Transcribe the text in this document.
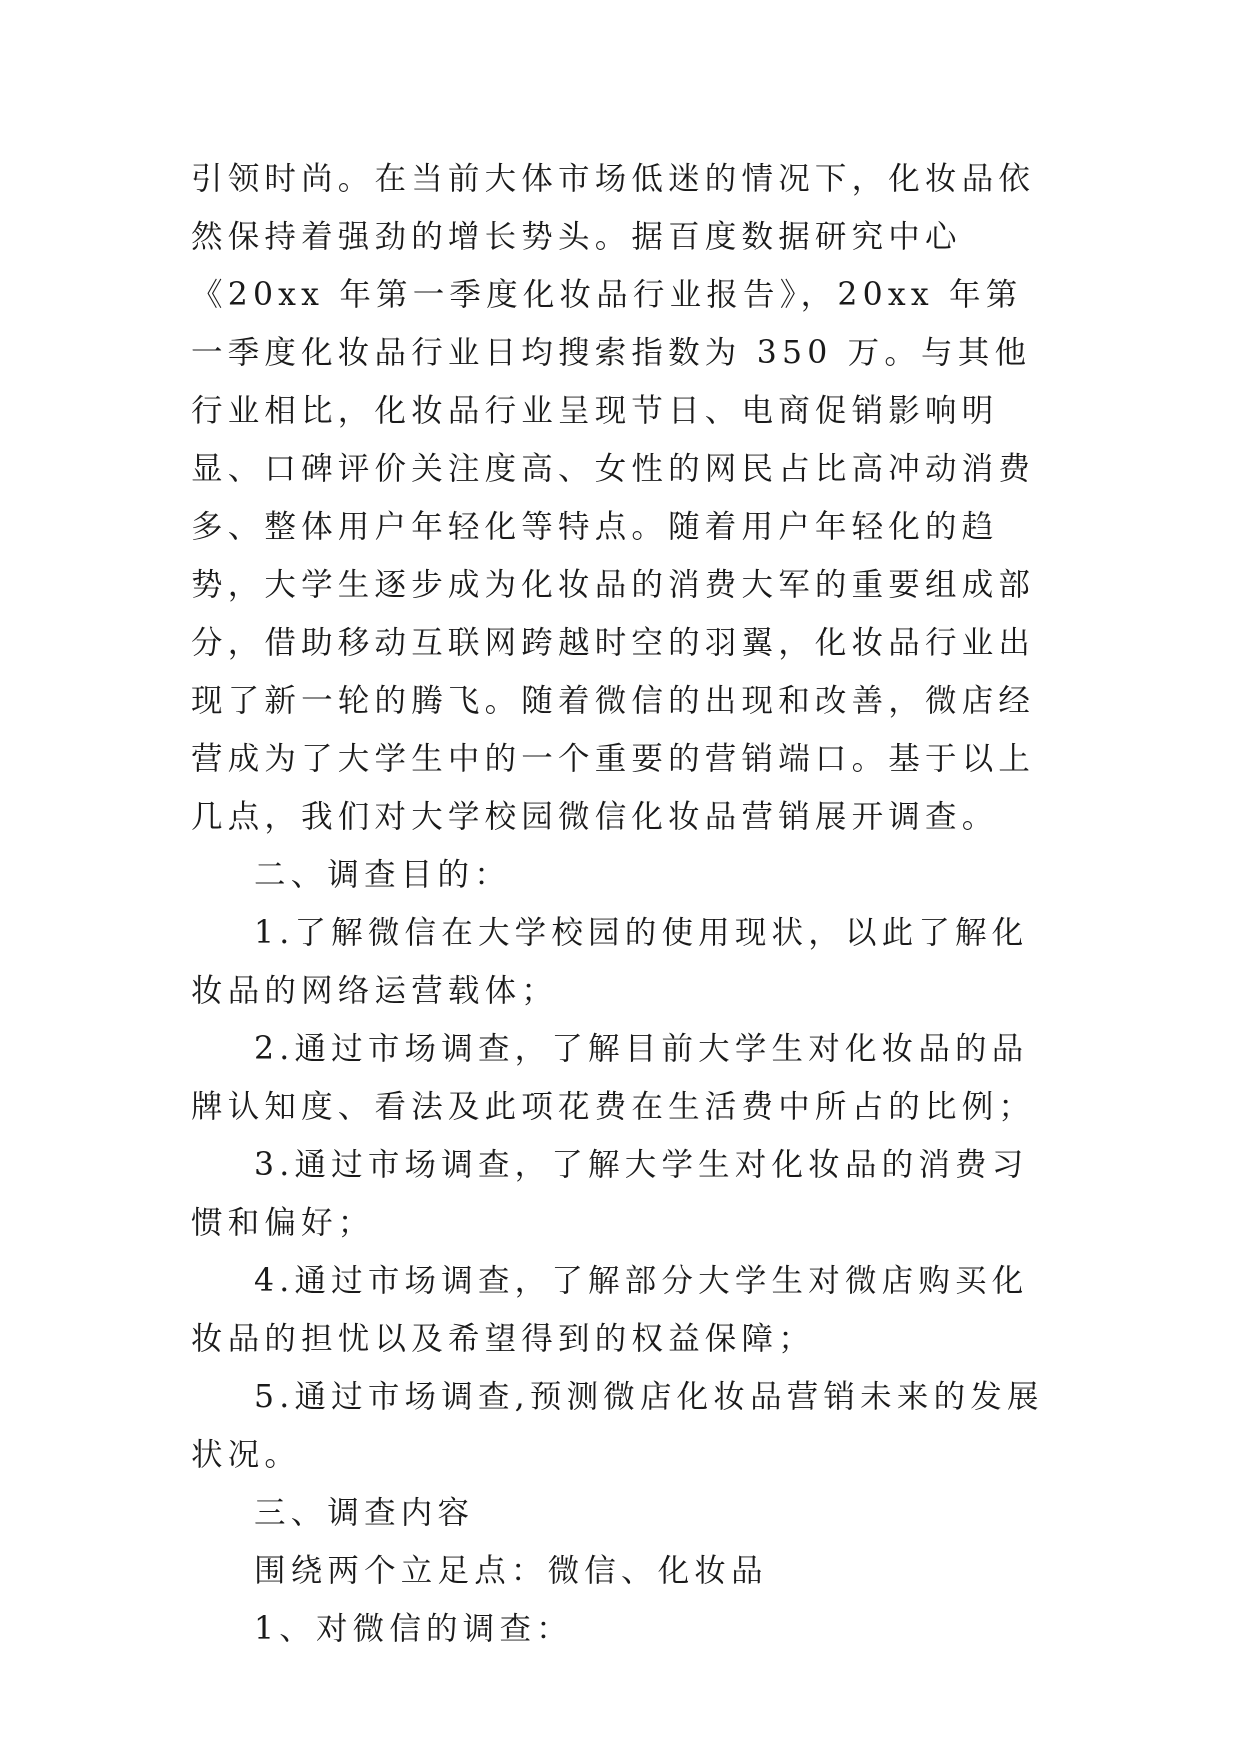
引领时尚。在当前大体市场低迷的情况下，化妆品依然保持着强劲的增长势头。据百度数据研究中心《20xx 年第一季度化妆品行业报告》，20xx 年第一季度化妆品行业日均搜索指数为 350 万。与其他行业相比，化妆品行业呈现节日、电商促销影响明显、口碑评价关注度高、女性的网民占比高冲动消费多、整体用户年轻化等特点。随着用户年轻化的趋势，大学生逐步成为化妆品的消费大军的重要组成部分，借助移动互联网跨越时空的羽翼，化妆品行业出现了新一轮的腾飞。随着微信的出现和改善，微店经营成为了大学生中的一个重要的营销端口。基于以上几点，我们对大学校园微信化妆品营销展开调查。

二、调查目的：

1.了解微信在大学校园的使用现状，以此了解化妆品的网络运营载体；

2.通过市场调查，了解目前大学生对化妆品的品牌认知度、看法及此项花费在生活费中所占的比例；

3.通过市场调查，了解大学生对化妆品的消费习惯和偏好；

4.通过市场调查，了解部分大学生对微店购买化妆品的担忧以及希望得到的权益保障；

5.通过市场调查,预测微店化妆品营销未来的发展状况。

三、调查内容

围绕两个立足点：微信、化妆品

1、对微信的调查：
